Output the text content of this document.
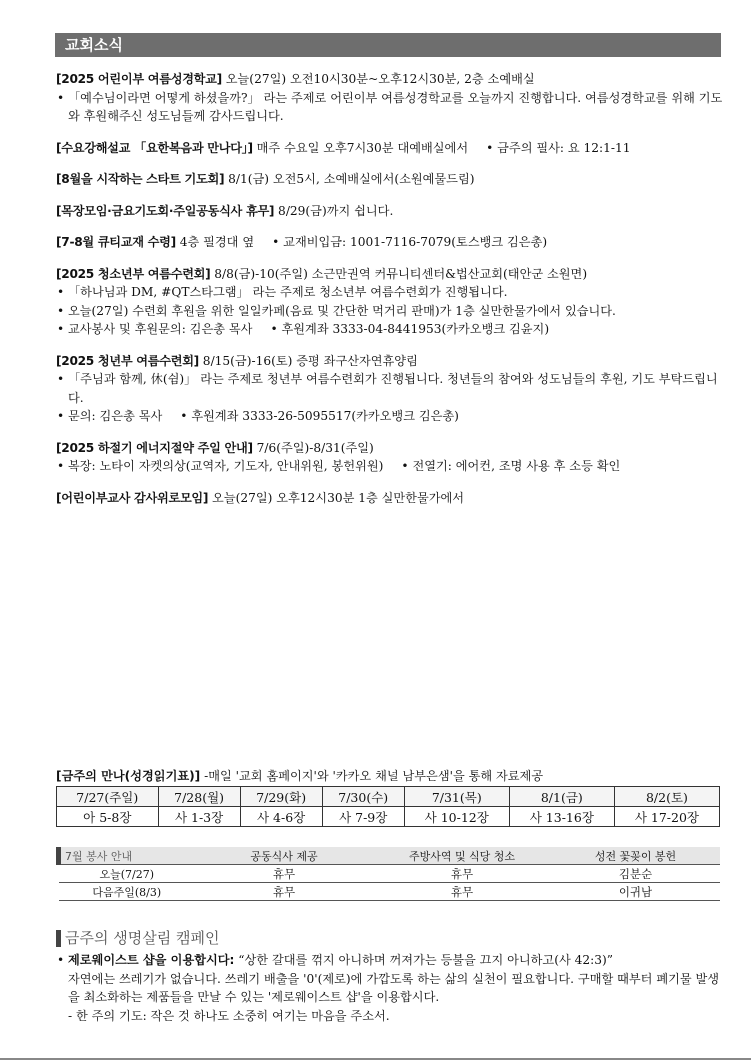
교회소식
[2025 어린이부 여름성경학교] 오늘(27일) 오전10시30분~오후12시30분, 2층 소예배실
• 「예수님이라면 어떻게 하셨을까?」 라는 주제로 어린이부 여름성경학교를 오늘까지 진행합니다. 여름성경학교를 위해 기도와 후원해주신 성도님들께 감사드립니다.
[수요강해설교 「요한복음과 만나다」] 매주 수요일 오후7시30분 대예배실에서 • 금주의 필사: 요 12:1-11
[8월을 시작하는 스타트 기도회] 8/1(금) 오전5시, 소예배실에서(소원예물드림)
[목장모임·금요기도회·주일공동식사 휴무] 8/29(금)까지 쉽니다.
[7-8월 큐티교재 수령] 4층 필경대 옆 • 교재비입금: 1001-7116-7079(토스뱅크 김은총)
[2025 청소년부 여름수련회] 8/8(금)-10(주일) 소근만권역 커뮤니티센터&법산교회(태안군 소원면)
• 「하나님과 DM, #QT스타그램」 라는 주제로 청소년부 여름수련회가 진행됩니다.
• 오늘(27일) 수련회 후원을 위한 일일카페(음료 및 간단한 먹거리 판매)가 1층 실만한물가에서 있습니다.
• 교사봉사 및 후원문의: 김은총 목사 • 후원계좌 3333-04-8441953(카카오뱅크 김윤지)
[2025 청년부 여름수련회] 8/15(금)-16(토) 증평 좌구산자연휴양림
• 「주님과 함께, 休(쉼)」 라는 주제로 청년부 여름수련회가 진행됩니다. 청년들의 참여와 성도님들의 후원, 기도 부탁드립니다.
• 문의: 김은총 목사 • 후원계좌 3333-26-5095517(카카오뱅크 김은총)
[2025 하절기 에너지절약 주일 안내] 7/6(주일)-8/31(주일)
• 복장: 노타이 자켓의상(교역자, 기도자, 안내위원, 봉헌위원) • 전열기: 에어컨, 조명 사용 후 소등 확인
[어린이부교사 감사위로모임] 오늘(27일) 오후12시30분 1층 실만한물가에서
[금주의 만나(성경읽기표)] -매일 '교회 홈페이지'와 '카카오 채널 남부은샘'을 통해 자료제공
7/27(주일)	7/28(월)	7/29(화)	7/30(수)	7/31(목)	8/1(금)	8/2(토)
아 5-8장	사 1-3장	사 4-6장	사 7-9장	사 10-12장	사 13-16장	사 17-20장
7월 봉사 안내	공동식사 제공	주방사역 및 식당 청소	성전 꽃꽂이 봉헌
오늘(7/27)	휴무	휴무	김분순
다음주일(8/3)	휴무	휴무	이귀남
금주의 생명살림 캠페인
• 제로웨이스트 샵을 이용합시다: “상한 갈대를 꺾지 아니하며 꺼져가는 등불을 끄지 아니하고(사 42:3)”
자연에는 쓰레기가 없습니다. 쓰레기 배출을 '0'(제로)에 가깝도록 하는 삶의 실천이 필요합니다. 구매할 때부터 폐기물 발생을 최소화하는 제품들을 만날 수 있는 '제로웨이스트 샵'을 이용합시다.
- 한 주의 기도: 작은 것 하나도 소중히 여기는 마음을 주소서.
